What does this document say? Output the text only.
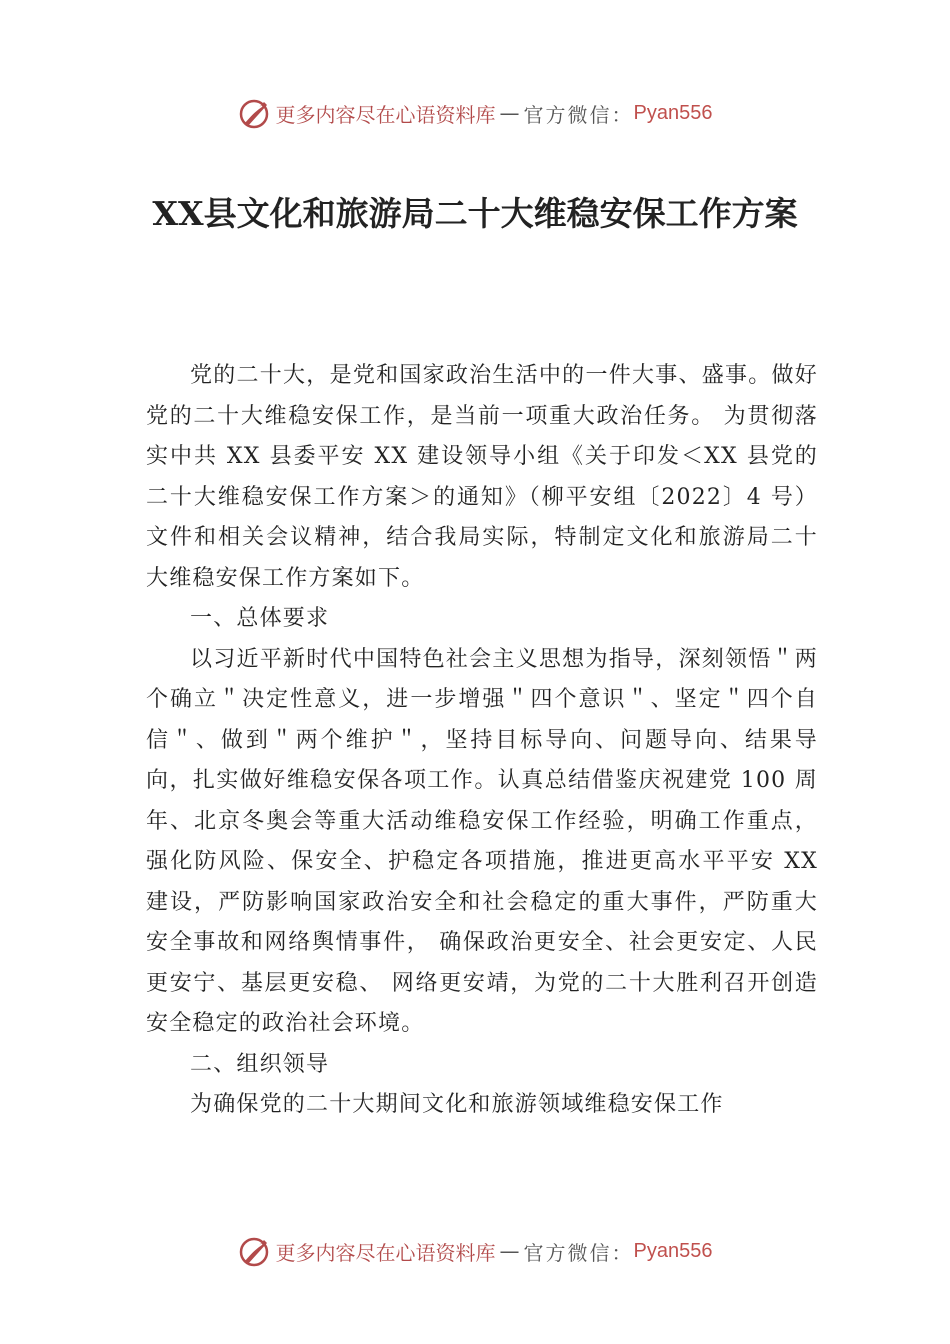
更多内容尽在心语资料库 — 官方微信： Pyan556
XX县文化和旅游局二十大维稳安保工作方案

党的二十大，是党和国家政治生活中的一件大事、盛事。做好党的二十大维稳安保工作，是当前一项重大政治任务。 为贯彻落实中共 XX 县委平安 XX 建设领导小组《关于印发＜XX 县党的二十大维稳安保工作方案＞的通知》（柳平安组〔2022〕4 号）文件和相关会议精神，结合我局实际，特制定文化和旅游局二十大维稳安保工作方案如下。

一、总体要求

以习近平新时代中国特色社会主义思想为指导，深刻领悟＂两个确立＂决定性意义，进一步增强＂四个意识＂、坚定＂四个自信＂、做到＂两个维护＂，坚持目标导向、问题导向、结果导向，扎实做好维稳安保各项工作。认真总结借鉴庆祝建党 100 周年、北京冬奥会等重大活动维稳安保工作经验，明确工作重点，强化防风险、保安全、护稳定各项措施，推进更高水平平安 XX 建设，严防影响国家政治安全和社会稳定的重大事件，严防重大安全事故和网络舆情事件， 确保政治更安全、社会更安定、人民更安宁、基层更安稳、 网络更安靖，为党的二十大胜利召开创造安全稳定的政治社会环境。

二、组织领导

为确保党的二十大期间文化和旅游领域维稳安保工作

更多内容尽在心语资料库 — 官方微信： Pyan556
